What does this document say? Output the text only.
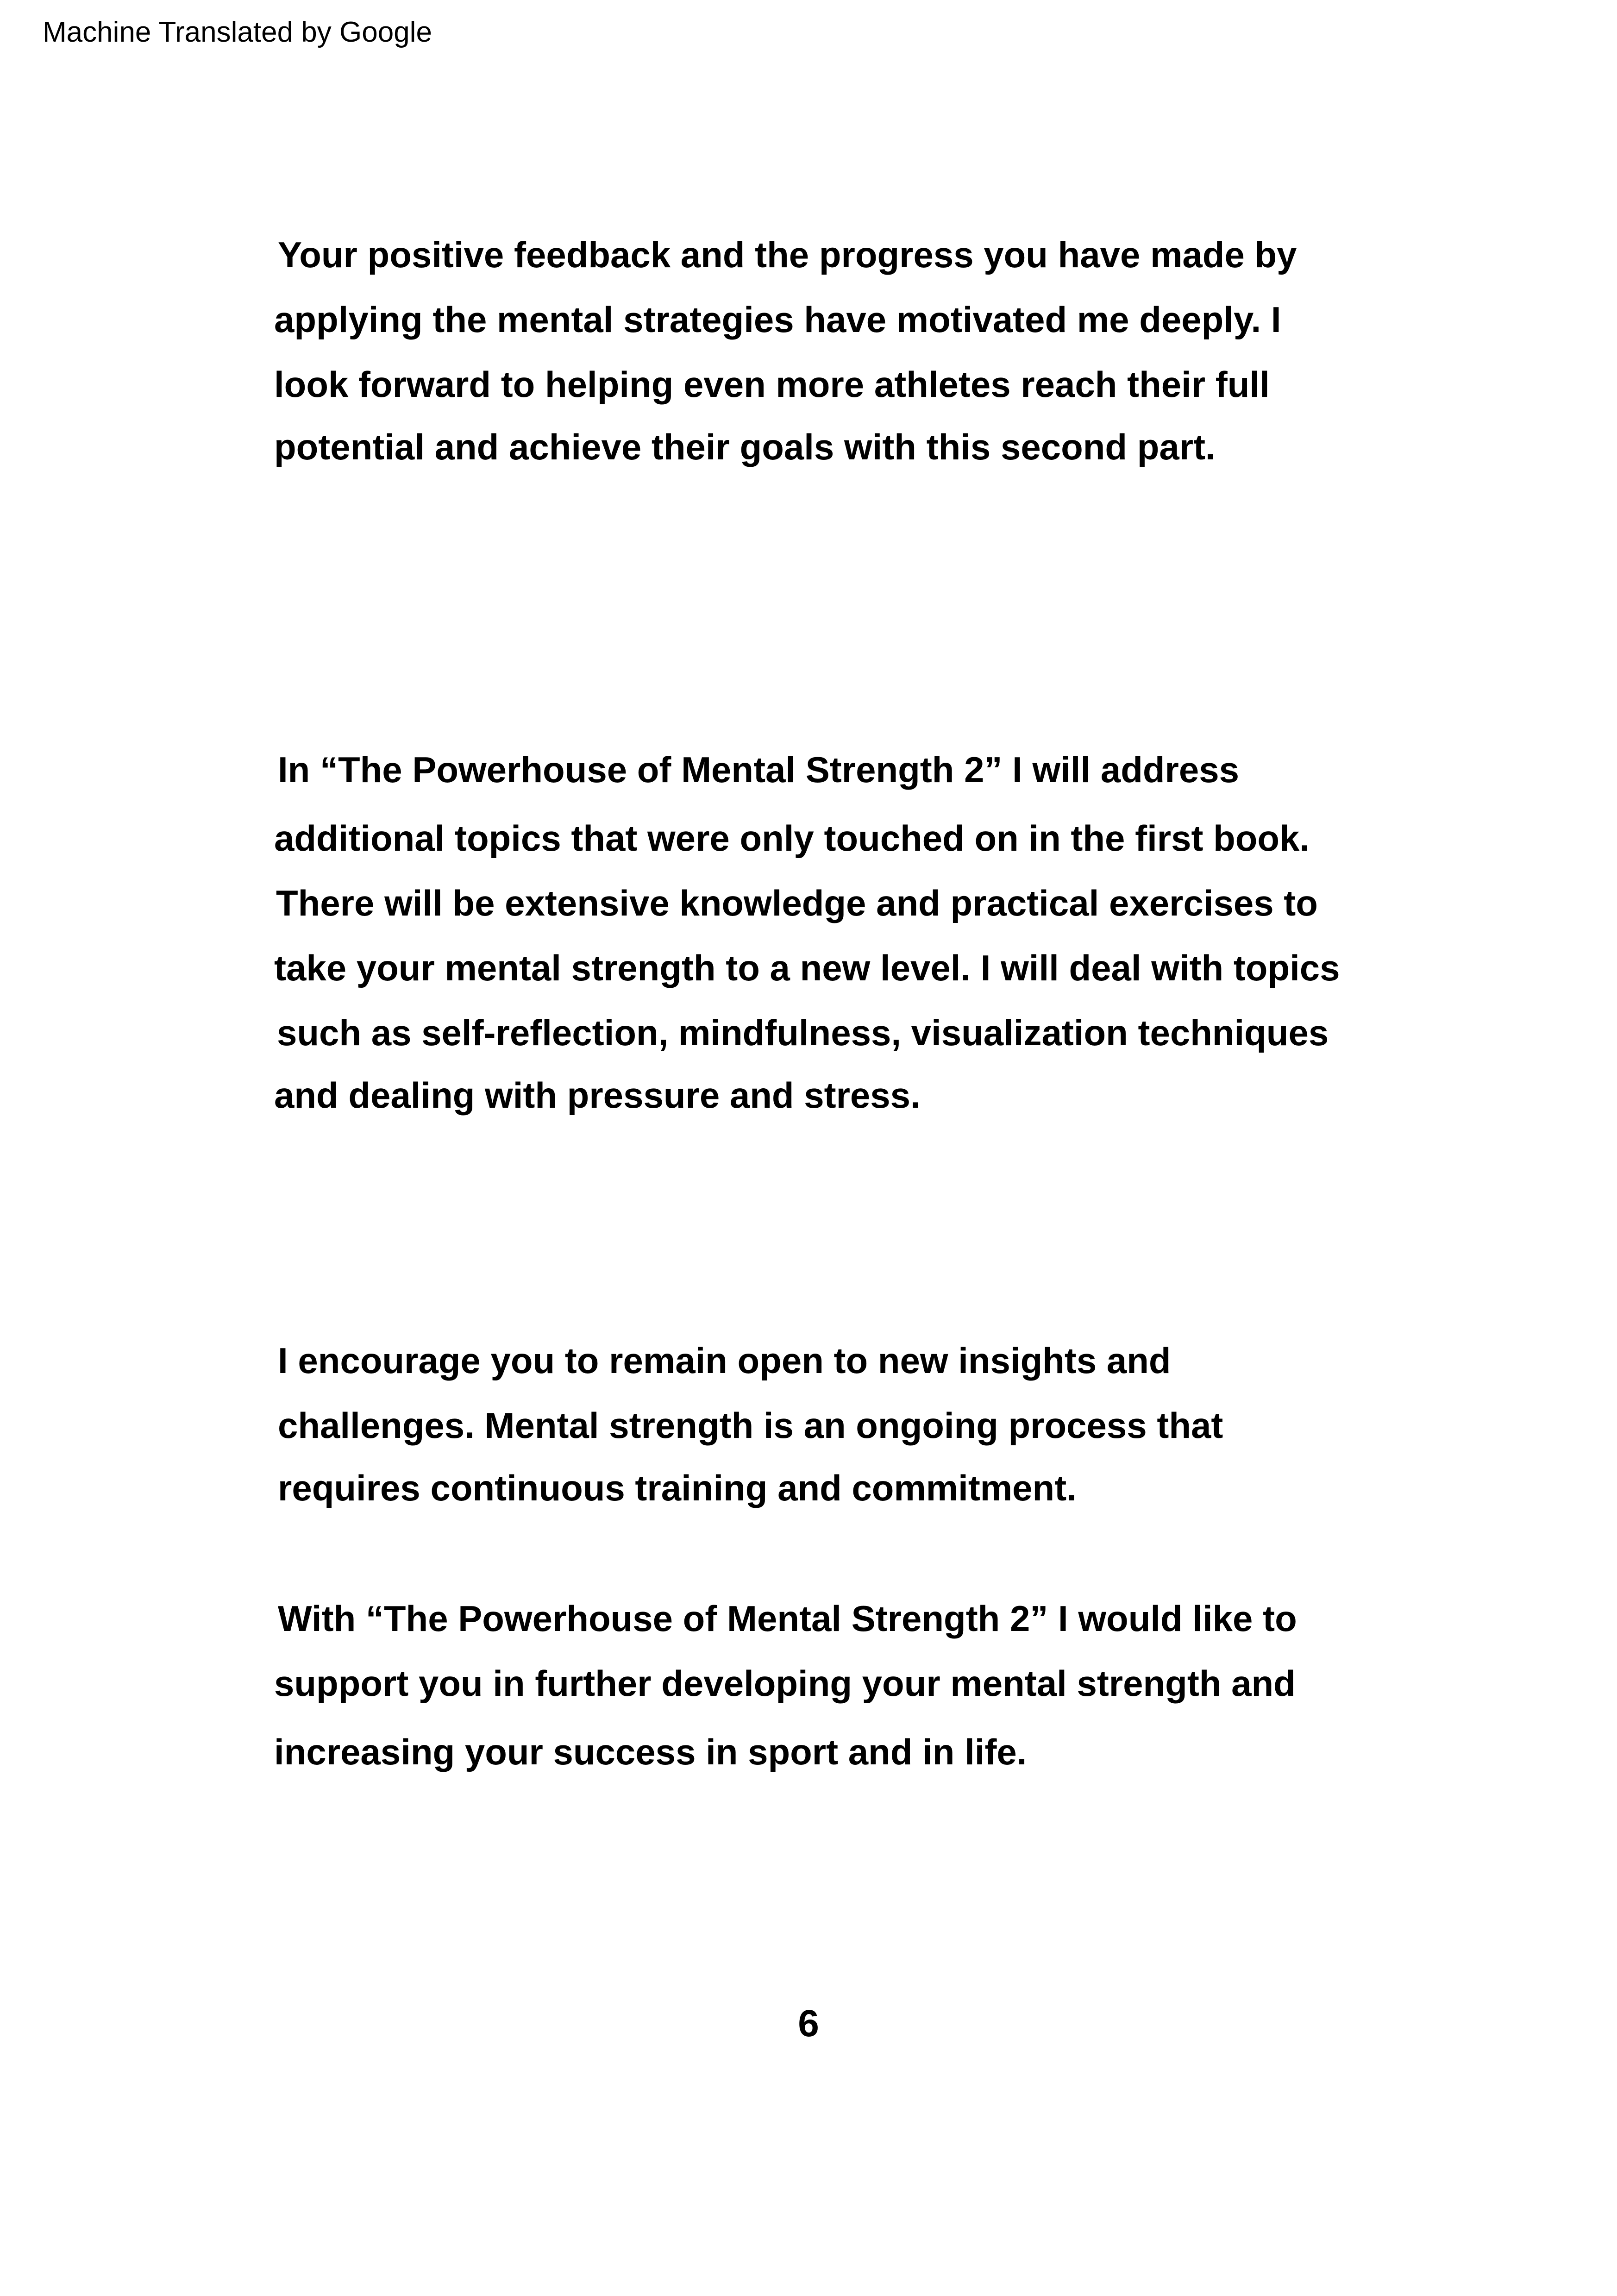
Machine Translated by Google
Your positive feedback and the progress you have made by
applying the mental strategies have motivated me deeply. I
look forward to helping even more athletes reach their full
potential and achieve their goals with this second part.
In “The Powerhouse of Mental Strength 2” I will address
additional topics that were only touched on in the first book.
There will be extensive knowledge and practical exercises to
take your mental strength to a new level. I will deal with topics
such as self-reflection, mindfulness, visualization techniques
and dealing with pressure and stress.
I encourage you to remain open to new insights and
challenges. Mental strength is an ongoing process that
requires continuous training and commitment.
With “The Powerhouse of Mental Strength 2” I would like to
support you in further developing your mental strength and
increasing your success in sport and in life.
6
